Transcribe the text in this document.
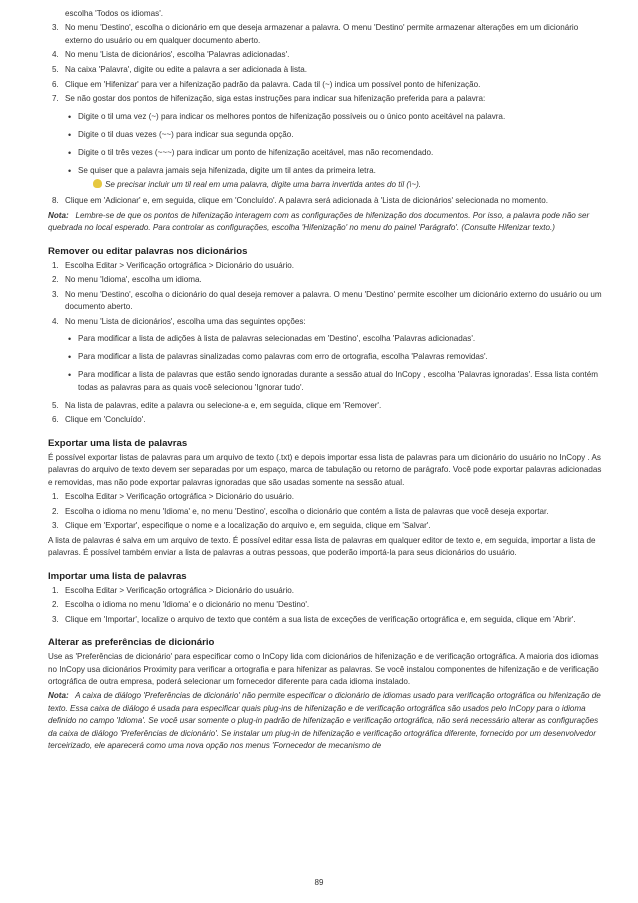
escolha 'Todos os idiomas'.
3. No menu 'Destino', escolha o dicionário em que deseja armazenar a palavra. O menu 'Destino' permite armazenar alterações em um dicionário externo do usuário ou em qualquer documento aberto.
4. No menu 'Lista de dicionários', escolha 'Palavras adicionadas'.
5. Na caixa 'Palavra', digite ou edite a palavra a ser adicionada à lista.
6. Clique em 'Hifenizar' para ver a hifenização padrão da palavra. Cada til (~) indica um possível ponto de hifenização.
7. Se não gostar dos pontos de hifenização, siga estas instruções para indicar sua hifenização preferida para a palavra:
• Digite o til uma vez (~) para indicar os melhores pontos de hifenização possíveis ou o único ponto aceitável na palavra.
• Digite o til duas vezes (~~) para indicar sua segunda opção.
• Digite o til três vezes (~~~) para indicar um ponto de hifenização aceitável, mas não recomendado.
• Se quiser que a palavra jamais seja hifenizada, digite um til antes da primeira letra.
Se precisar incluir um til real em uma palavra, digite uma barra invertida antes do til (\~).
8. Clique em 'Adicionar' e, em seguida, clique em 'Concluído'. A palavra será adicionada à 'Lista de dicionários' selecionada no momento.
Nota: Lembre-se de que os pontos de hifenização interagem com as configurações de hifenização dos documentos. Por isso, a palavra pode não ser quebrada no local esperado. Para controlar as configurações, escolha 'Hifenização' no menu do painel 'Parágrafo'. (Consulte Hifenizar texto.)
Remover ou editar palavras nos dicionários
1. Escolha Editar > Verificação ortográfica > Dicionário do usuário.
2. No menu 'Idioma', escolha um idioma.
3. No menu 'Destino', escolha o dicionário do qual deseja remover a palavra. O menu 'Destino' permite escolher um dicionário externo do usuário ou um documento aberto.
4. No menu 'Lista de dicionários', escolha uma das seguintes opções:
• Para modificar a lista de adições à lista de palavras selecionadas em 'Destino', escolha 'Palavras adicionadas'.
• Para modificar a lista de palavras sinalizadas como palavras com erro de ortografia, escolha 'Palavras removidas'.
• Para modificar a lista de palavras que estão sendo ignoradas durante a sessão atual do InCopy , escolha 'Palavras ignoradas'. Essa lista contém todas as palavras para as quais você selecionou 'Ignorar tudo'.
5. Na lista de palavras, edite a palavra ou selecione-a e, em seguida, clique em 'Remover'.
6. Clique em 'Concluído'.
Exportar uma lista de palavras
É possível exportar listas de palavras para um arquivo de texto (.txt) e depois importar essa lista de palavras para um dicionário do usuário no InCopy . As palavras do arquivo de texto devem ser separadas por um espaço, marca de tabulação ou retorno de parágrafo. Você pode exportar palavras adicionadas e removidas, mas não pode exportar palavras ignoradas que são usadas somente na sessão atual.
1. Escolha Editar > Verificação ortográfica > Dicionário do usuário.
2. Escolha o idioma no menu 'Idioma' e, no menu 'Destino', escolha o dicionário que contém a lista de palavras que você deseja exportar.
3. Clique em 'Exportar', especifique o nome e a localização do arquivo e, em seguida, clique em 'Salvar'.
A lista de palavras é salva em um arquivo de texto. É possível editar essa lista de palavras em qualquer editor de texto e, em seguida, importar a lista de palavras. É possível também enviar a lista de palavras a outras pessoas, que poderão importá-la para seus dicionários do usuário.
Importar uma lista de palavras
1. Escolha Editar > Verificação ortográfica > Dicionário do usuário.
2. Escolha o idioma no menu 'Idioma' e o dicionário no menu 'Destino'.
3. Clique em 'Importar', localize o arquivo de texto que contém a sua lista de exceções de verificação ortográfica e, em seguida, clique em 'Abrir'.
Alterar as preferências de dicionário
Use as 'Preferências de dicionário' para especificar como o InCopy lida com dicionários de hifenização e de verificação ortográfica. A maioria dos idiomas no InCopy usa dicionários Proximity para verificar a ortografia e para hifenizar as palavras. Se você instalou componentes de hifenização e de verificação ortográfica de outra empresa, poderá selecionar um fornecedor diferente para cada idioma instalado.
Nota: A caixa de diálogo 'Preferências de dicionário' não permite especificar o dicionário de idiomas usado para verificação ortográfica ou hifenização de texto. Essa caixa de diálogo é usada para especificar quais plug-ins de hifenização e de verificação ortográfica são usados pelo InCopy para o idioma definido no campo 'Idioma'. Se você usar somente o plug-in padrão de hifenização e verificação ortográfica, não será necessário alterar as configurações da caixa de diálogo 'Preferências de dicionário'. Se instalar um plug-in de hifenização e verificação ortográfica diferente, fornecido por um desenvolvedor terceirizado, ele aparecerá como uma nova opção nos menus 'Fornecedor de mecanismo de
89
